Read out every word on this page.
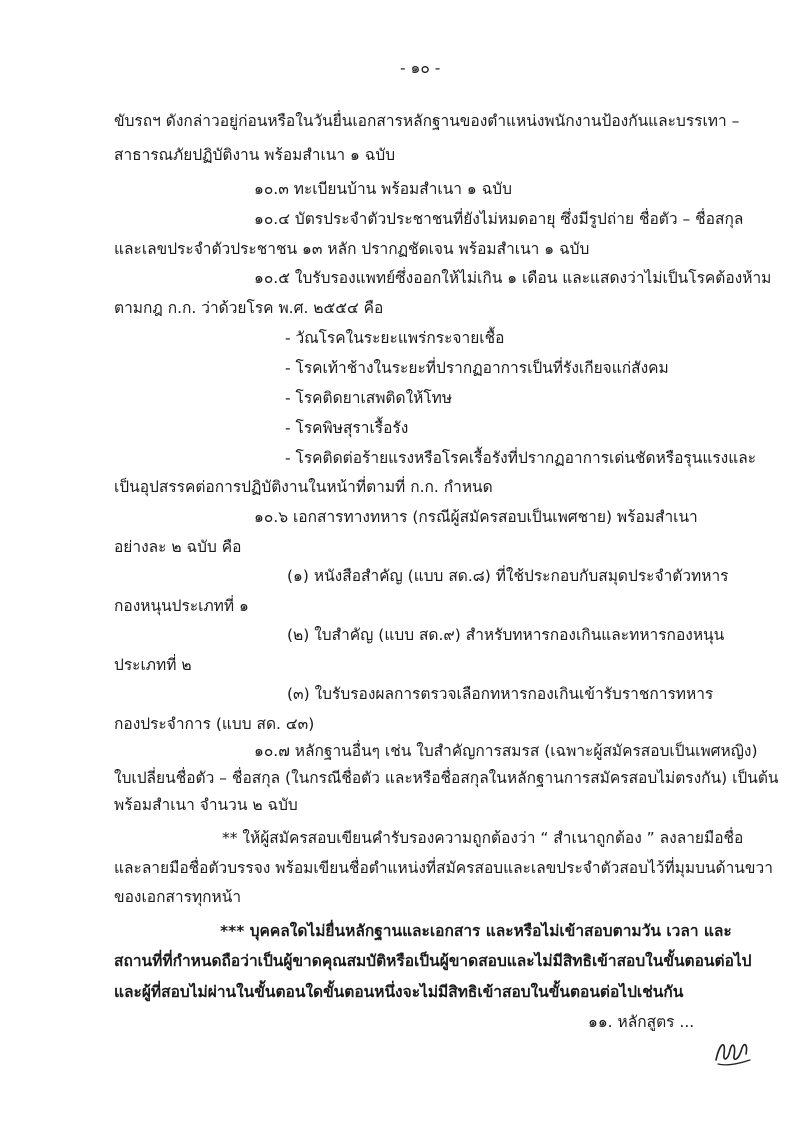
- ๑๐ -
ขับรถฯ ดังกล่าวอยู่ก่อนหรือในวันยื่นเอกสารหลักฐานของตำแหน่งพนักงานป้องกันและบรรเทา –
สาธารณภัยปฏิบัติงาน พร้อมสำเนา ๑ ฉบับ
๑๐.๓ ทะเบียนบ้าน พร้อมสำเนา ๑ ฉบับ
๑๐.๔ บัตรประจำตัวประชาชนที่ยังไม่หมดอายุ ซึ่งมีรูปถ่าย ชื่อตัว – ชื่อสกุล
และเลขประจำตัวประชาชน ๑๓ หลัก ปรากฏชัดเจน พร้อมสำเนา ๑ ฉบับ
๑๐.๕ ใบรับรองแพทย์ซึ่งออกให้ไม่เกิน ๑ เดือน และแสดงว่าไม่เป็นโรคต้องห้าม
ตามกฎ ก.ก. ว่าด้วยโรค พ.ศ. ๒๕๕๔ คือ
- วัณโรคในระยะแพร่กระจายเชื้อ
- โรคเท้าช้างในระยะที่ปรากฏอาการเป็นที่รังเกียจแก่สังคม
- โรคติดยาเสพติดให้โทษ
- โรคพิษสุราเรื้อรัง
- โรคติดต่อร้ายแรงหรือโรคเรื้อรังที่ปรากฏอาการเด่นชัดหรือรุนแรงและ
เป็นอุปสรรคต่อการปฏิบัติงานในหน้าที่ตามที่ ก.ก. กำหนด
๑๐.๖ เอกสารทางทหาร (กรณีผู้สมัครสอบเป็นเพศชาย) พร้อมสำเนา
อย่างละ ๒ ฉบับ คือ
(๑) หนังสือสำคัญ (แบบ สด.๘) ที่ใช้ประกอบกับสมุดประจำตัวทหาร
กองหนุนประเภทที่ ๑
(๒) ใบสำคัญ (แบบ สด.๙) สำหรับทหารกองเกินและทหารกองหนุน
ประเภทที่ ๒
(๓) ใบรับรองผลการตรวจเลือกทหารกองเกินเข้ารับราชการทหาร
กองประจำการ (แบบ สด. ๔๓)
๑๐.๗ หลักฐานอื่นๆ เช่น ใบสำคัญการสมรส (เฉพาะผู้สมัครสอบเป็นเพศหญิง)
ใบเปลี่ยนชื่อตัว – ชื่อสกุล (ในกรณีชื่อตัว และหรือชื่อสกุลในหลักฐานการสมัครสอบไม่ตรงกัน) เป็นต้น
พร้อมสำเนา จำนวน ๒ ฉบับ
** ให้ผู้สมัครสอบเขียนคำรับรองความถูกต้องว่า “ สำเนาถูกต้อง ” ลงลายมือชื่อ
และลายมือชื่อตัวบรรจง พร้อมเขียนชื่อตำแหน่งที่สมัครสอบและเลขประจำตัวสอบไว้ที่มุมบนด้านขวา
ของเอกสารทุกหน้า
*** บุคคลใดไม่ยื่นหลักฐานและเอกสาร และหรือไม่เข้าสอบตามวัน เวลา และ
สถานที่ที่กำหนดถือว่าเป็นผู้ขาดคุณสมบัติหรือเป็นผู้ขาดสอบและไม่มีสิทธิเข้าสอบในขั้นตอนต่อไป
และผู้ที่สอบไม่ผ่านในขั้นตอนใดขั้นตอนหนึ่งจะไม่มีสิทธิเข้าสอบในขั้นตอนต่อไปเช่นกัน
๑๑. หลักสูตร ...
